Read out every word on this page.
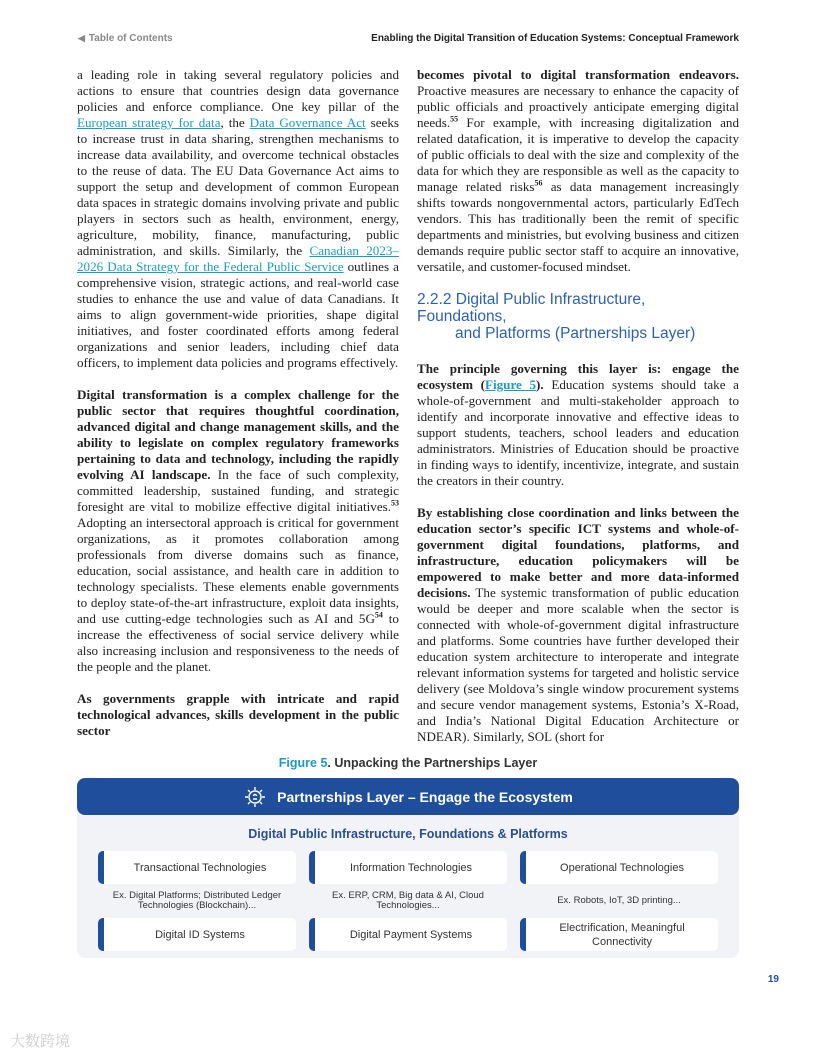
◀ Table of Contents	Enabling the Digital Transition of Education Systems: Conceptual Framework

a leading role in taking several regulatory policies and actions to ensure that countries design data governance policies and enforce compliance. One key pillar of the European strategy for data, the Data Governance Act seeks to increase trust in data sharing, strengthen mechanisms to increase data availability, and overcome technical obstacles to the reuse of data. The EU Data Governance Act aims to support the setup and development of common European data spaces in strategic domains involving private and public players in sectors such as health, environment, energy, agriculture, mobility, finance, manufacturing, public administration, and skills. Similarly, the Canadian 2023–2026 Data Strategy for the Federal Public Service outlines a comprehensive vision, strategic actions, and real-world case studies to enhance the use and value of data Canadians. It aims to align government-wide priorities, shape digital initiatives, and foster coordinated efforts among federal organizations and senior leaders, including chief data officers, to implement data policies and programs effectively.

Digital transformation is a complex challenge for the public sector that requires thoughtful coordination, advanced digital and change management skills, and the ability to legislate on complex regulatory frameworks pertaining to data and technology, including the rapidly evolving AI landscape. In the face of such complexity, committed leadership, sustained funding, and strategic foresight are vital to mobilize effective digital initiatives.$^{53}$ Adopting an intersectoral approach is critical for government organizations, as it promotes collaboration among professionals from diverse domains such as finance, education, social assistance, and health care in addition to technology specialists. These elements enable governments to deploy state-of-the-art infrastructure, exploit data insights, and use cutting-edge technologies such as AI and $5G^{54}$ to increase the effectiveness of social service delivery while also increasing inclusion and responsiveness to the needs of the people and the planet.

As governments grapple with intricate and rapid technological advances, skills development in the public sector

becomes pivotal to digital transformation endeavors. Proactive measures are necessary to enhance the capacity of public officials and proactively anticipate emerging digital needs.$^{55}$ For example, with increasing digitalization and related datafication, it is imperative to develop the capacity of public officials to deal with the size and complexity of the data for which they are responsible as well as the capacity to manage related risks$^{56}$ as data management increasingly shifts towards nongovernmental actors, particularly EdTech vendors. This has traditionally been the remit of specific departments and ministries, but evolving business and citizen demands require public sector staff to acquire an innovative, versatile, and customer-focused mindset.

2.2.2 Digital Public Infrastructure, Foundations,
and Platforms (Partnerships Layer)

The principle governing this layer is: engage the ecosystem (Figure 5). Education systems should take a whole-of-government and multi-stakeholder approach to identify and incorporate innovative and effective ideas to support students, teachers, school leaders and education administrators. Ministries of Education should be proactive in finding ways to identify, incentivize, integrate, and sustain the creators in their country.

By establishing close coordination and links between the education sector’s specific ICT systems and whole-of-government digital foundations, platforms, and infrastructure, education policymakers will be empowered to make better and more data-informed decisions. The systemic transformation of public education would be deeper and more scalable when the sector is connected with whole-of-government digital infrastructure and platforms. Some countries have further developed their education system architecture to interoperate and integrate relevant information systems for targeted and holistic service delivery (see Moldova’s single window procurement systems and secure vendor management systems, Estonia’s X-Road, and India’s National Digital Education Architecture or NDEAR). Similarly, SOL (short for

Figure 5. Unpacking the Partnerships Layer
Partnerships Layer – Engage the Ecosystem
Digital Public Infrastructure, Foundations & Platforms
Transactional Technologies	Information Technologies	Operational Technologies
Ex. Digital Platforms; Distributed Ledger Technologies (Blockchain)...
Ex. ERP, CRM, Big data & AI, Cloud Technologies...	Ex. Robots, IoT, 3D printing...
Digital ID Systems	Digital Payment Systems
Electrification, Meaningful Connectivity
19
大数跨境
